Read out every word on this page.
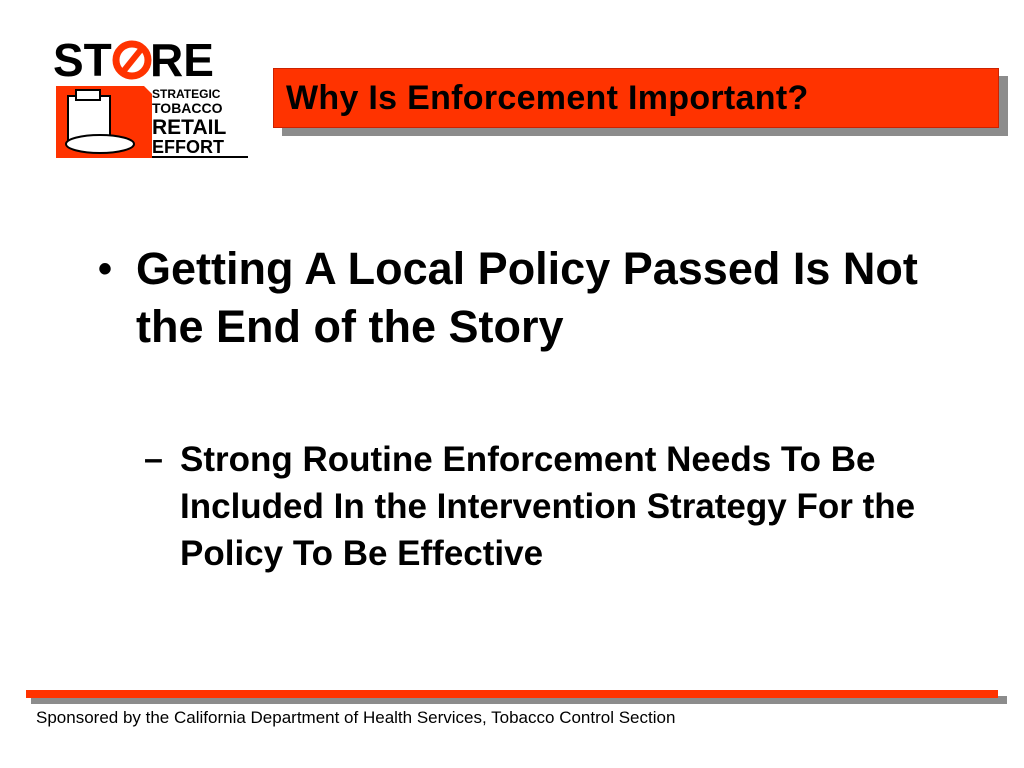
ST RE
STRATEGIC
TOBACCO
RETAIL
EFFORT
Why Is Enforcement Important?
• Getting A Local Policy Passed Is Not the End of the Story
– Strong Routine Enforcement Needs To Be Included In the Intervention Strategy For the Policy To Be Effective
Sponsored by the California Department of Health Services, Tobacco Control Section
